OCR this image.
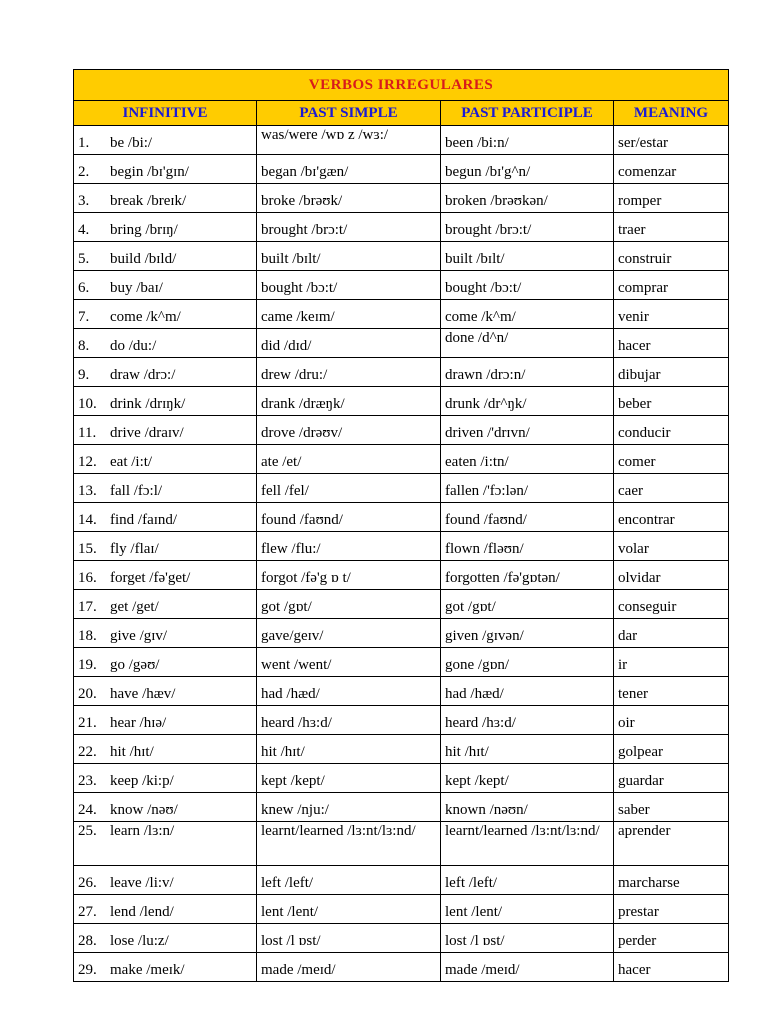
VERBOS IRREGULARES			
INFINITIVE	PAST SIMPLE	PAST PARTICIPLE	MEANING
1. be /bi:/	was/were /wɒ z /wɜ:/	been /bi:n/	ser/estar
2. begin /bɪ'gɪn/	began /bɪ'gæn/	begun /bɪ'g^n/	comenzar
3. break /breɪk/	broke /brəʊk/	broken /brəʊkən/	romper
4. bring /brɪŋ/	brought /brɔ:t/	brought /brɔ:t/	traer
5. build /bɪld/	built /bɪlt/	built /bɪlt/	construir
6. buy /baɪ/	bought /bɔ:t/	bought /bɔ:t/	comprar
7. come /k^m/	came /keɪm/	come /k^m/	venir
8. do /du:/	did /dɪd/	done /d^n/	hacer
9. draw /drɔ:/	drew /dru:/	drawn /drɔ:n/	dibujar
10. drink /drɪŋk/	drank /dræŋk/	drunk /dr^ŋk/	beber
11. drive /draɪv/	drove /drəʊv/	driven /'drɪvn/	conducir
12. eat /i:t/	ate /et/	eaten /i:tn/	comer
13. fall /fɔ:l/	fell /fel/	fallen /'fɔ:lən/	caer
14. find /faɪnd/	found /faʊnd/	found /faʊnd/	encontrar
15. fly /flaɪ/	flew /flu:/	flown /fləʊn/	volar
16. forget /fə'get/	forgot /fə'g ɒ t/	forgotten /fə'gɒtən/	olvidar
17. get /get/	got /gɒt/	got /gɒt/	conseguir
18. give /gɪv/	gave/geɪv/	given /gɪvən/	dar
19. go /gəʊ/	went /went/	gone /gɒn/	ir
20. have /hæv/	had /hæd/	had /hæd/	tener
21. hear /hɪə/	heard /hɜ:d/	heard /hɜ:d/	oir
22. hit /hɪt/	hit /hɪt/	hit /hɪt/	golpear
23. keep /ki:p/	kept /kept/	kept /kept/	guardar
24. know /nəʊ/	knew /nju:/	known /nəʊn/	saber
25. learn /lɜ:n/	learnt/learned /lɜ:nt/lɜ:nd/	learnt/learned /lɜ:nt/lɜ:nd/	aprender
26. leave /li:v/	left /left/	left /left/	marcharse
27. lend /lend/	lent /lent/	lent /lent/	prestar
28. lose /lu:z/	lost /l ɒst/	lost /l ɒst/	perder
29. make /meɪk/	made /meɪd/	made /meɪd/	hacer
